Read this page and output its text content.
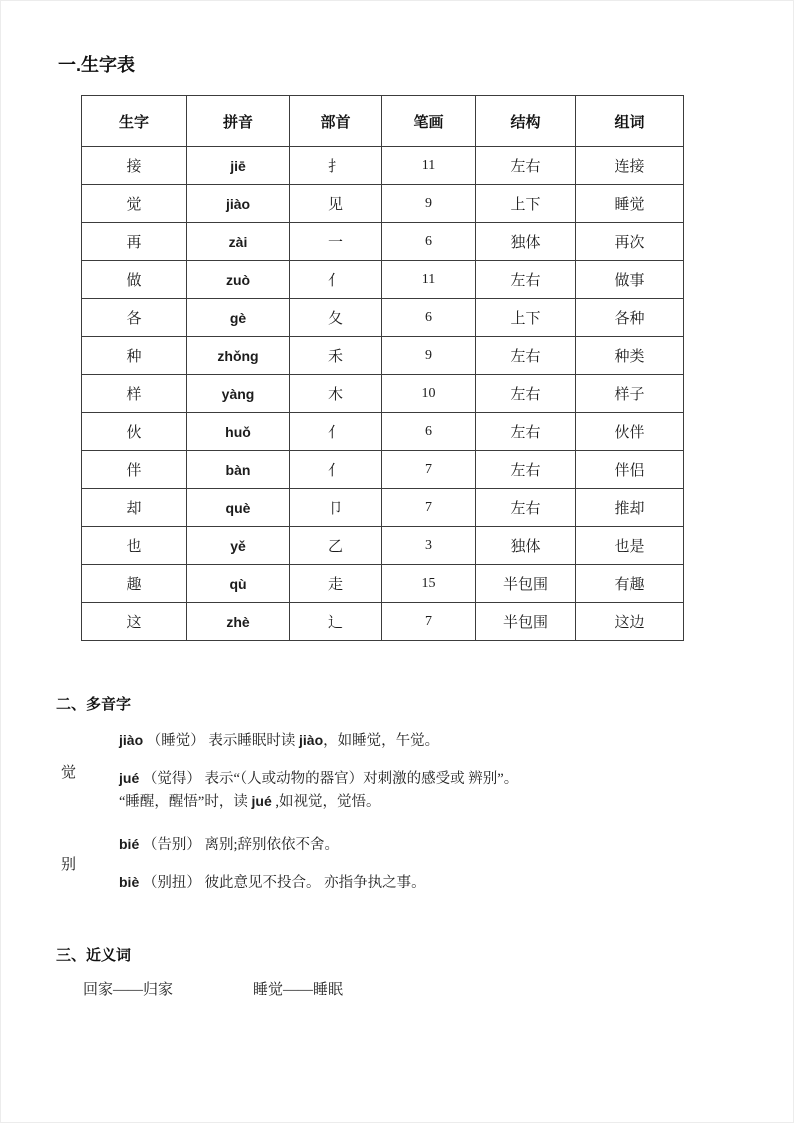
一.生字表
生字	拼音	部首	笔画	结构	组词
接	jiē	扌	11	左右	连接
觉	jiào	见	9	上下	睡觉
再	zài	一	6	独体	再次
做	zuò	亻	11	左右	做事
各	gè	夂	6	上下	各种
种	zhǒng	禾	9	左右	种类
样	yàng	木	10	左右	样子
伙	huǒ	亻	6	左右	伙伴
伴	bàn	亻	7	左右	伴侣
却	què	卩	7	左右	推却
也	yě	乙	3	独体	也是
趣	qù	走	15	半包围	有趣
这	zhè	辶	7	半包围	这边
二、多音字
觉
jiào （睡觉） 表示睡眠时读 jiào，如睡觉，午觉。
jué （觉得） 表示“（人或动物的器官）对刺激的感受或 辨别”。
“睡醒，醒悟”时，读 jué ,如视觉，觉悟。
别
bié （告别） 离别;辞别依依不舍。
biè （别扭） 彼此意见不投合。 亦指争执之事。
三、近义词
回家——归家	睡觉——睡眠
